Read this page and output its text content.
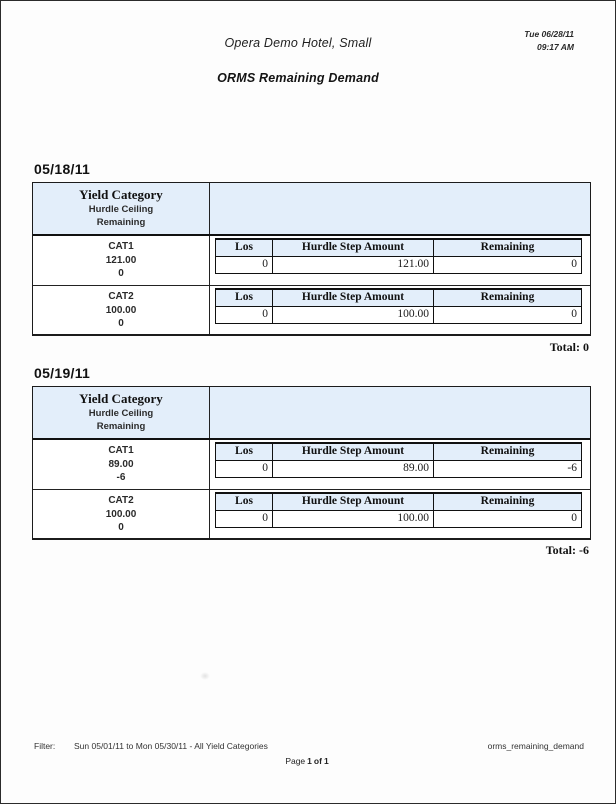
Opera Demo Hotel, Small
Tue 06/28/11
09:17 AM
ORMS Remaining Demand
05/18/11
Yield Category
Hurdle Ceiling
Remaining
CAT1
121.00
0
Los	Hurdle Step Amount	Remaining
0	121.00	0
CAT2
100.00
0
Los	Hurdle Step Amount	Remaining
0	100.00	0
Total: 0
05/19/11
Yield Category
Hurdle Ceiling
Remaining
CAT1
89.00
-6
Los	Hurdle Step Amount	Remaining
0	89.00	-6
CAT2
100.00
0
Los	Hurdle Step Amount	Remaining
0	100.00	0
Total: -6
Filter: Sun 05/01/11 to Mon 05/30/11 - All Yield Categories	orms_remaining_demand
Page 1 of 1
